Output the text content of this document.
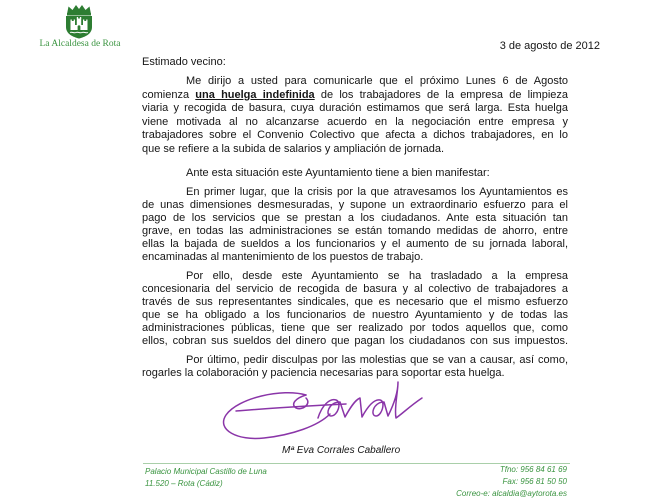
La Alcaldesa de Rota	3 de agosto de 2012
Estimado vecino:
Me dirijo a usted para comunicarle que el próximo Lunes 6 de Agosto
comienza una huelga indefinida de los trabajadores de la empresa de limpieza
viaria y recogida de basura, cuya duración estimamos que será larga. Esta huelga
viene motivada al no alcanzarse acuerdo en la negociación entre empresa y
trabajadores sobre el Convenio Colectivo que afecta a dichos trabajadores, en lo
que se refiere a la subida de salarios y ampliación de jornada.
Ante esta situación este Ayuntamiento tiene a bien manifestar:
En primer lugar, que la crisis por la que atravesamos los Ayuntamientos es
de unas dimensiones desmesuradas, y supone un extraordinario esfuerzo para el
pago de los servicios que se prestan a los ciudadanos. Ante esta situación tan
grave, en todas las administraciones se están tomando medidas de ahorro, entre
ellas la bajada de sueldos a los funcionarios y el aumento de su jornada laboral,
encaminadas al mantenimiento de los puestos de trabajo.
Por ello, desde este Ayuntamiento se ha trasladado a la empresa
concesionaria del servicio de recogida de basura y al colectivo de trabajadores a
través de sus representantes sindicales, que es necesario que el mismo esfuerzo
que se ha obligado a los funcionarios de nuestro Ayuntamiento y de todas las
administraciones públicas, tiene que ser realizado por todos aquellos que, como
ellos, cobran sus sueldos del dinero que pagan los ciudadanos con sus impuestos.
Por último, pedir disculpas por las molestias que se van a causar, así como,
rogarles la colaboración y paciencia necesarias para soportar esta huelga.
Mª Eva Corrales Caballero
Palacio Municipal Castillo de Luna
11.520 – Rota (Cádiz)
Tfno: 956 84 61 69
Fax: 956 81 50 50
Correo-e: alcaldia@aytorota.es
